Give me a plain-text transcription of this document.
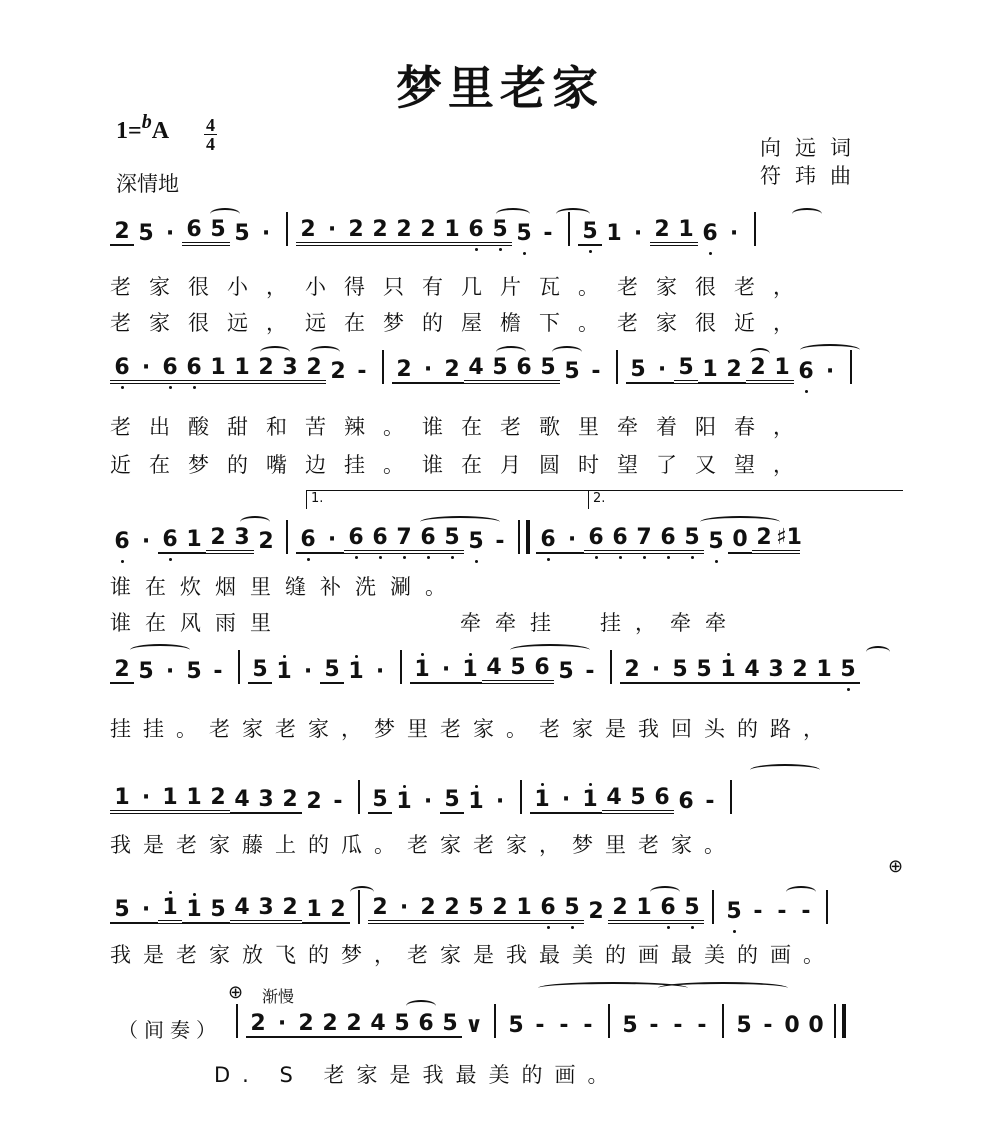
梦里老家
$1=^bA \frac{4}{4}$
深情地
向远词
符玮曲
2 5 · 6 5 5 ·	2 · 2 2 2 2 1 6 5 5 -	5 1 · 2 1 6 ·
老家很小，小得只有几片瓦。老家很老，
老家很远，远在梦的屋檐下。老家很近，
6 · 6 6 1 1 2 3 2 2 -	2 · 2 4 5 6 5 5 -	5 · 5 1 2 2 1 6 ·
老出酸甜和苦辣。谁在老歌里牵着阳春，
近在梦的嘴边挂。谁在月圆时望了又望，
1.	2.
6 · 6 1 2 3 2 6 · 6 6 7 6 5 5 -	6 · 6 6 7 6 5 5 0 2 ♯1
谁在炊烟里缝补洗涮。
谁在风雨里　　　　　牵牵挂　挂，牵牵
2 5 · 5 -	5 1 · 5 1 ·	1 · 1 4 5 6 5 -	2 · 5 5 1 4 3 2 1 5
挂挂。老家老家，梦里老家。老家是我回头的路，
1 · 1 1 2 4 3 2 2 -	5 1 · 5 1 ·	1 · 1 4 5 6 6 -
我是老家藤上的瓜。老家老家，梦里老家。
⊕
5 · 1 1 5 4 3 2 1 2 2 · 2 2 5 2 1 6 5 2 2 1 6 5 5 - - -
我是老家放飞的梦，老家是我最美的画最美的画。
⊕ 渐慢
（间奏） 2 · 2 2 2 4 5 6 5 ∨ 5 - - -	5 - - -	5 - 0 0
D. S 老家是我最美的画。
